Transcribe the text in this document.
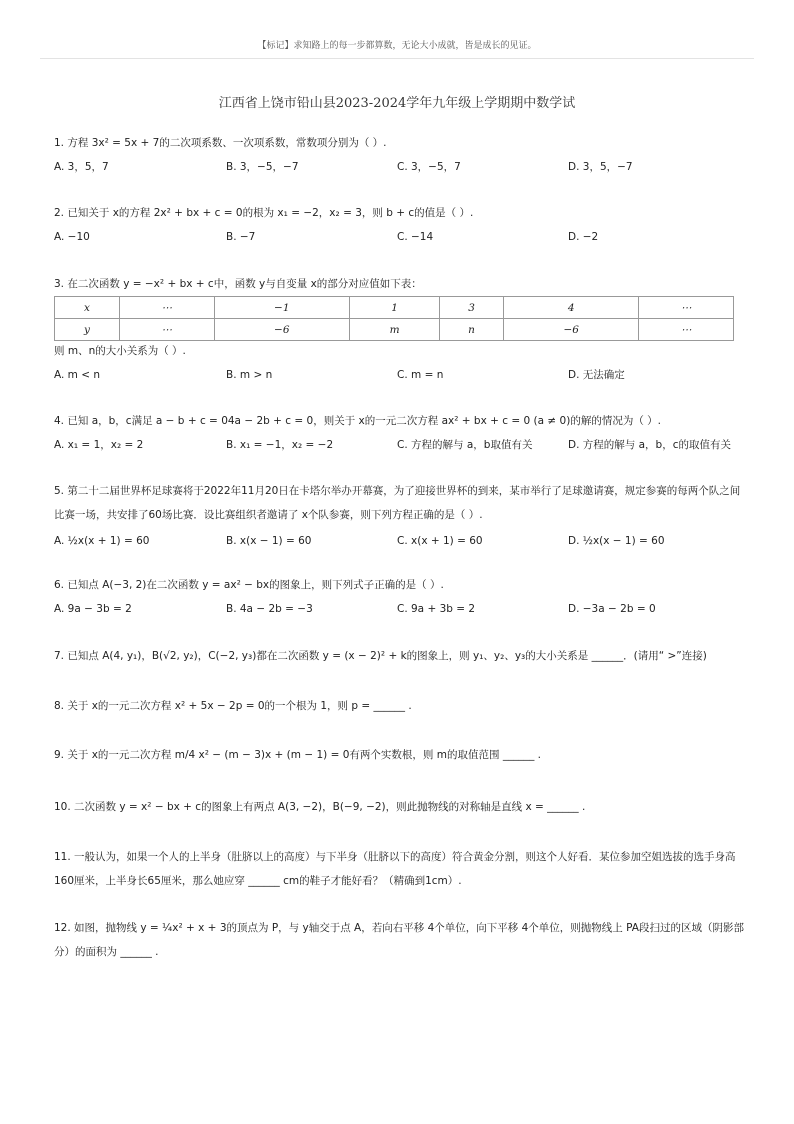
【标记】求知路上的每一步都算数，无论大小成就，皆是成长的见证。
江西省上饶市铅山县2023-2024学年九年级上学期期中数学试
1. 方程 3x² = 5x + 7的二次项系数、一次项系数，常数项分别为（ ）.
A. 3，5，7	B. 3，−5，−7	C. 3，−5，7	D. 3，5，−7
2. 已知关于 x的方程 2x² + bx + c = 0的根为 x₁ = −2，x₂ = 3，则 b + c的值是（ ）.
A. −10	B. −7	C. −14	D. −2
3. 在二次函数 y = −x² + bx + c中，函数 y与自变量 x的部分对应值如下表：
x	⋯	−1	1	3	4	⋯
y	⋯	−6	m	n	−6	⋯
则 m、n的大小关系为（ ）.
A. m < n	B. m > n	C. m = n	D. 无法确定
4. 已知 a，b，c满足 a − b + c = 04a − 2b + c = 0，则关于 x的一元二次方程 ax² + bx + c = 0 (a ≠ 0)的解的情况为（ ）.
A. x₁ = 1，x₂ = 2	B. x₁ = −1，x₂ = −2	C. 方程的解与 a，b取值有关	D. 方程的解与 a，b，c的取值有关
5. 第二十二届世界杯足球赛将于2022年11月20日在卡塔尔举办开幕赛，为了迎接世界杯的到来，某市举行了足球邀请赛，规定参赛的每两个队之间比赛一场，共安排了60场比赛．设比赛组织者邀请了 x个队参赛，则下列方程正确的是（ ）.
A. ½x(x + 1) = 60	B. x(x − 1) = 60	C. x(x + 1) = 60	D. ½x(x − 1) = 60
6. 已知点 A(−3, 2)在二次函数 y = ax² − bx的图象上，则下列式子正确的是（ ）.
A. 9a − 3b = 2	B. 4a − 2b = −3	C. 9a + 3b = 2	D. −3a − 2b = 0
7. 已知点 A(4, y₁)，B(√2, y₂)，C(−2, y₃)都在二次函数 y = (x − 2)² + k的图象上，则 y₁、y₂、y₃的大小关系是 ______．(请用“ >”连接)
8. 关于 x的一元二次方程 x² + 5x − 2p = 0的一个根为 1，则 p = ______ .
9. 关于 x的一元二次方程 m/4 x² − (m − 3)x + (m − 1) = 0有两个实数根，则 m的取值范围 ______ .
10. 二次函数 y = x² − bx + c的图象上有两点 A(3, −2)，B(−9, −2)，则此抛物线的对称轴是直线 x = ______ .
11. 一般认为，如果一个人的上半身（肚脐以上的高度）与下半身（肚脐以下的高度）符合黄金分割，则这个人好看．某位参加空姐选拔的选手身高160厘米，上半身长65厘米，那么她应穿 ______ cm的鞋子才能好看？（精确到1cm）.
12. 如图，抛物线 y = ¼x² + x + 3的顶点为 P，与 y轴交于点 A，若向右平移 4个单位，向下平移 4个单位，则抛物线上 PA段扫过的区域（阴影部分）的面积为 ______ .
